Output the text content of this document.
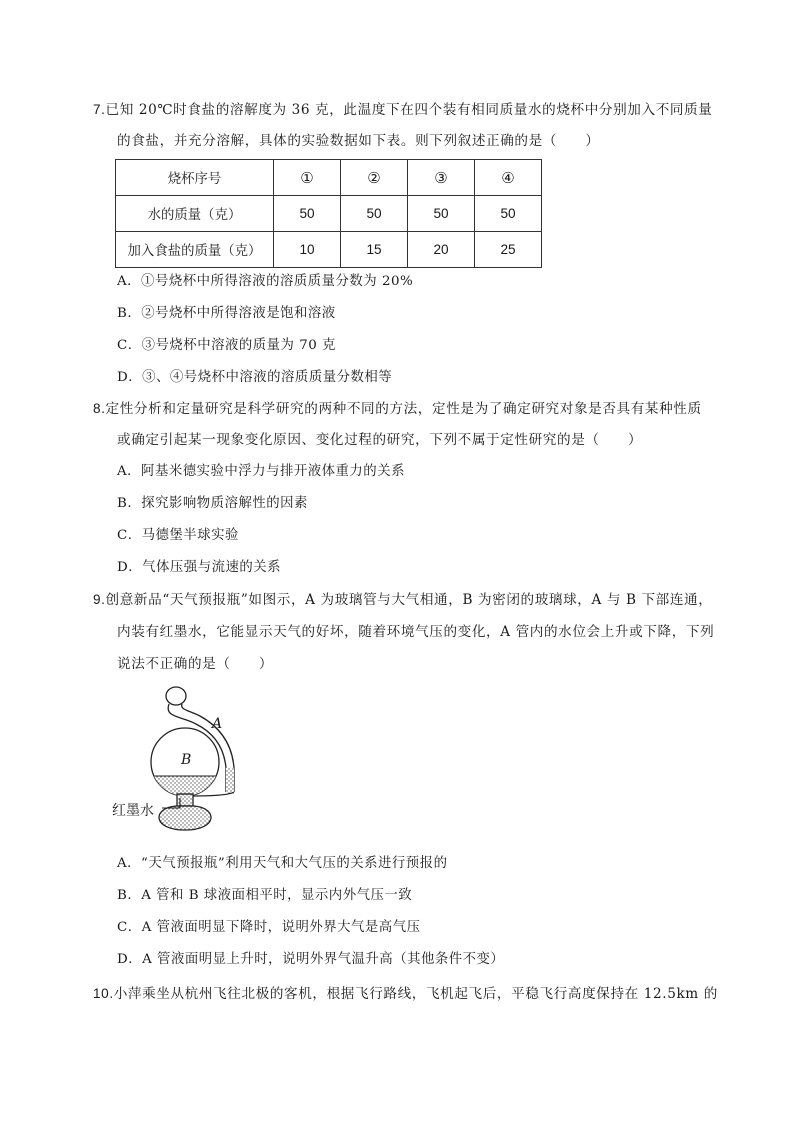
7.已知 20℃时食盐的溶解度为 36 克，此温度下在四个装有相同质量水的烧杯中分别加入不同质量
的食盐，并充分溶解，具体的实验数据如下表。则下列叙述正确的是（　　）
烧杯序号	①	②	③	④
水的质量（克）	50	50	50	50
加入食盐的质量（克）	10	15	20	25
A．①号烧杯中所得溶液的溶质质量分数为 20%
B．②号烧杯中所得溶液是饱和溶液
C．③号烧杯中溶液的质量为 70 克
D．③、④号烧杯中溶液的溶质质量分数相等
8.定性分析和定量研究是科学研究的两种不同的方法，定性是为了确定研究对象是否具有某种性质
或确定引起某一现象变化原因、变化过程的研究，下列不属于定性研究的是（　　）
A．阿基米德实验中浮力与排开液体重力的关系
B．探究影响物质溶解性的因素
C．马德堡半球实验
D．气体压强与流速的关系
9.创意新品“天气预报瓶”如图示，A 为玻璃管与大气相通，B 为密闭的玻璃球，A 与 B 下部连通，
内装有红墨水，它能显示天气的好坏，随着环境气压的变化，A 管内的水位会上升或下降，下列
说法不正确的是（　　）
A
B
红墨水
A．“天气预报瓶”利用天气和大气压的关系进行预报的
B．A 管和 B 球液面相平时，显示内外气压一致
C．A 管液面明显下降时，说明外界大气是高气压
D．A 管液面明显上升时，说明外界气温升高（其他条件不变）
10.小萍乘坐从杭州飞往北极的客机，根据飞行路线，飞机起飞后，平稳飞行高度保持在 12.5km 的
